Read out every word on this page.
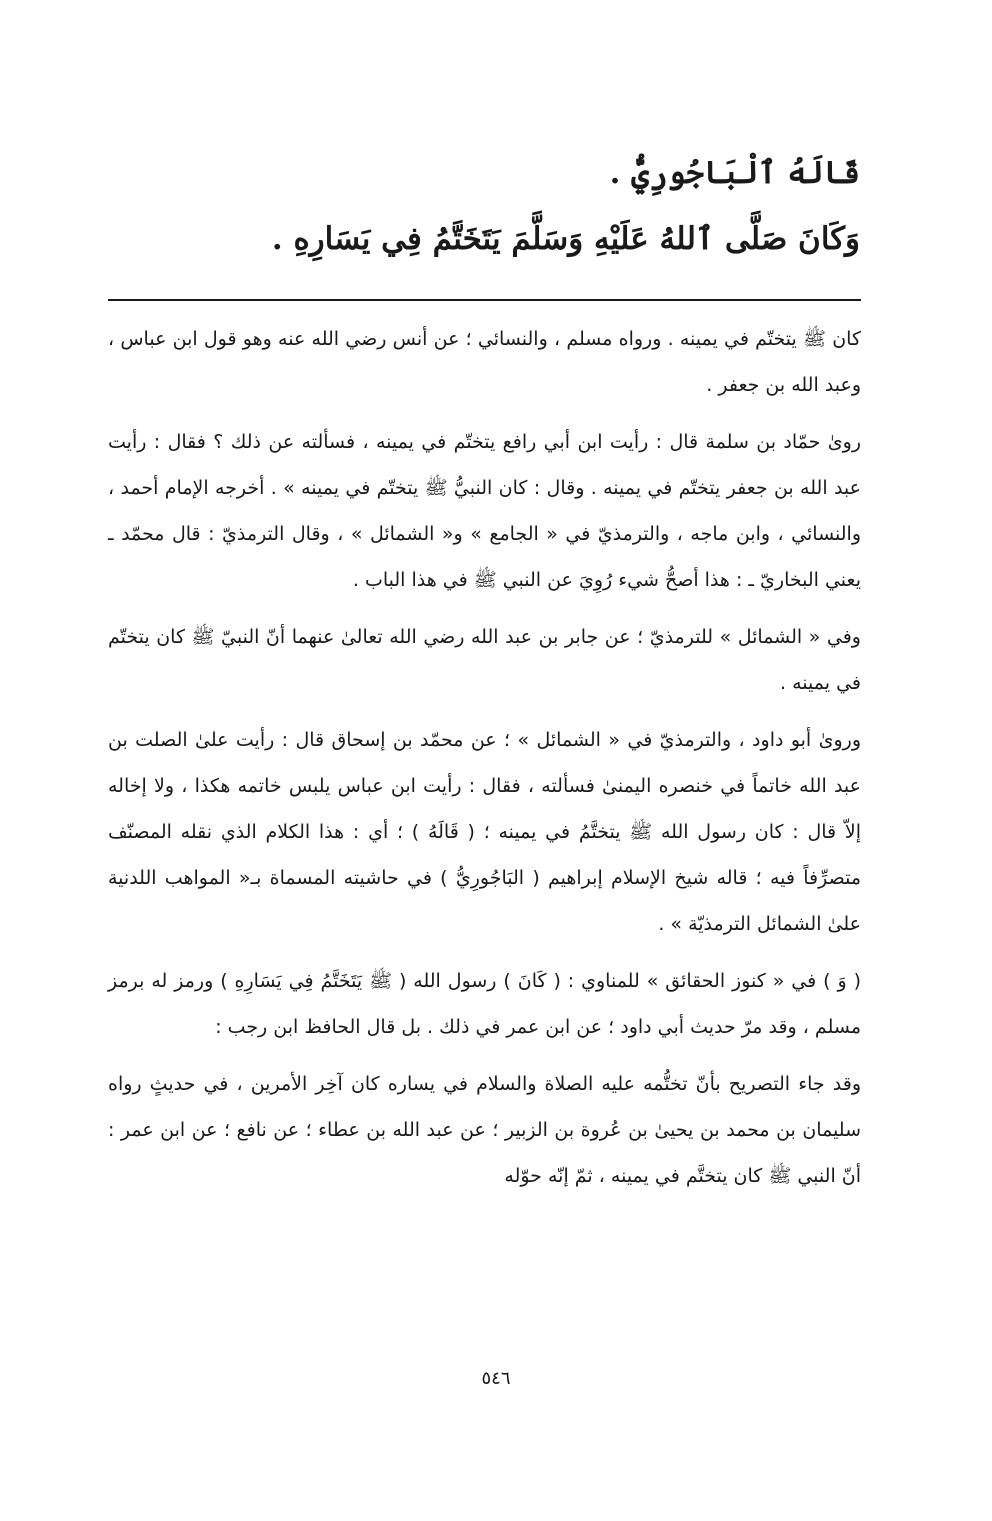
قَالَهُ ٱلْبَاجُورِيُّ .
وَكَانَ صَلَّى ٱللهُ عَلَيْهِ وَسَلَّمَ يَتَخَتَّمُ فِي يَسَارِهِ .

كان ﷺ يتختّم في يمينه . ورواه مسلم ، والنسائي ؛ عن أنس رضي الله عنه وهو قول ابن عباس ، وعبد الله بن جعفر .

روىٰ حمّاد بن سلمة قال : رأيت ابن أبي رافع يتختّم في يمينه ، فسألته عن ذلك ؟ فقال : رأيت عبد الله بن جعفر يتختّم في يمينه . وقال : كان النبيُّ ﷺ يتختّم في يمينه » . أخرجه الإمام أحمد ، والنسائي ، وابن ماجه ، والترمذيّ في « الجامع » و« الشمائل » ، وقال الترمذيّ : قال محمّد ـ يعني البخاريّ ـ : هذا أصحُّ شيء رُوِيَ عن النبي ﷺ في هذا الباب .

وفي « الشمائل » للترمذيّ ؛ عن جابر بن عبد الله رضي الله تعالىٰ عنهما أنّ النبيّ ﷺ كان يتختّم في يمينه .

وروىٰ أبو داود ، والترمذيّ في « الشمائل » ؛ عن محمّد بن إسحاق قال : رأيت علىٰ الصلت بن عبد الله خاتماً في خنصره اليمنىٰ فسألته ، فقال : رأيت ابن عباس يلبس خاتمه هكذا ، ولا إخاله إلاّ قال : كان رسول الله ﷺ يتختَّمُ في يمينه ؛ ( قَالَهُ ) ؛ أي : هذا الكلام الذي نقله المصنّف متصرِّفاً فيه ؛ قاله شيخ الإسلام إبراهيم ( البَاجُورِيُّ ) في حاشيته المسماة بـ« المواهب اللدنية علىٰ الشمائل الترمذيّة » .

( وَ ) في « كنوز الحقائق » للمناوي : ( كَانَ ) رسول الله ( ﷺ يَتَخَتَّمُ فِي يَسَارِهِ ) ورمز له برمز مسلم ، وقد مرّ حديث أبي داود ؛ عن ابن عمر في ذلك . بل قال الحافظ ابن رجب :

وقد جاء التصريح بأنّ تختُّمه عليه الصلاة والسلام في يساره كان آخِر الأمرين ، في حديثٍ رواه سليمان بن محمد بن يحيىٰ بن عُروة بن الزبير ؛ عن عبد الله بن عطاء ؛ عن نافع ؛ عن ابن عمر : أنّ النبي ﷺ كان يتختَّم في يمينه ، ثمّ إنّه حوّله

٥٤٦
